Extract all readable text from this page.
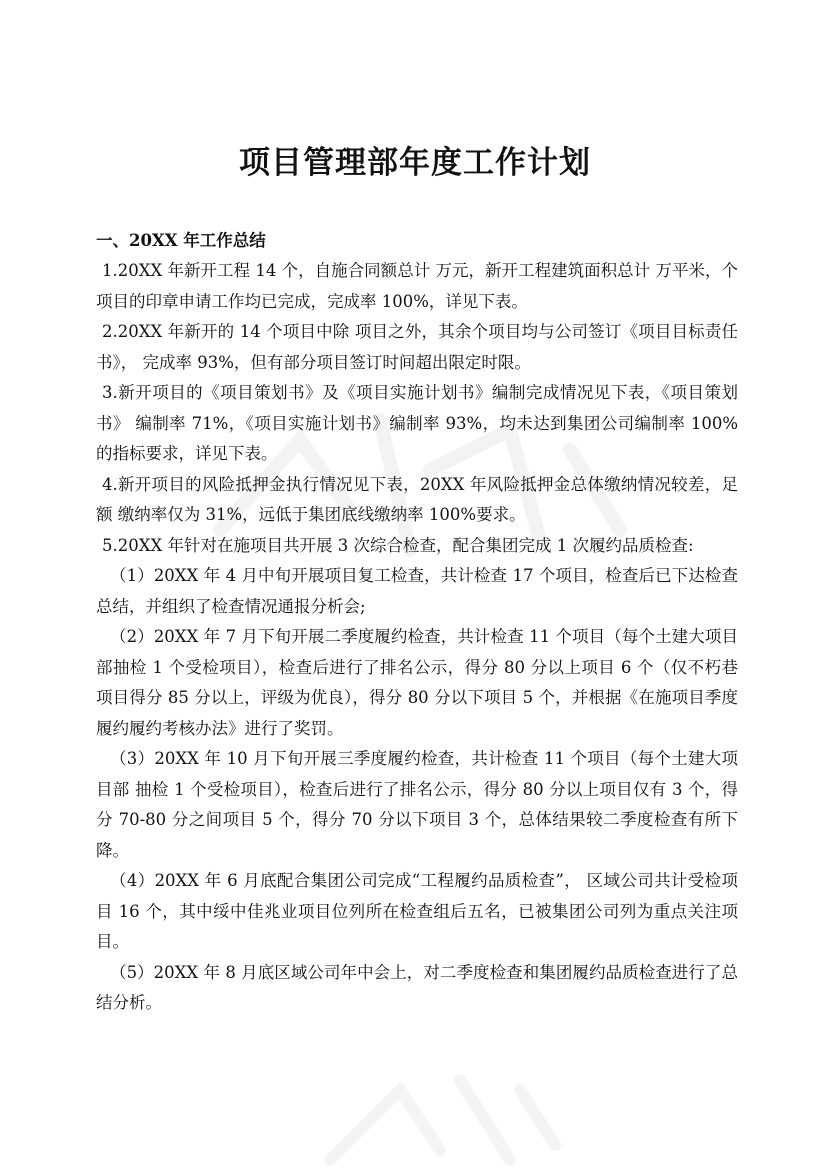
项目管理部年度工作计划

一、20XX 年工作总结

1.20XX 年新开工程 14 个，自施合同额总计 万元，新开工程建筑面积总计 万平米，个 项目的印章申请工作均已完成，完成率 100%，详见下表。

2.20XX 年新开的 14 个项目中除 项目之外，其余个项目均与公司签订《项目目标责任书》， 完成率 93%，但有部分项目签订时间超出限定时限。

3.新开项目的《项目策划书》及《项目实施计划书》编制完成情况见下表，《项目策划书》 编制率 71%，《项目实施计划书》编制率 93%，均未达到集团公司编制率 100%的指标要求，详见下表。

4.新开项目的风险抵押金执行情况见下表，20XX 年风险抵押金总体缴纳情况较差，足额 缴纳率仅为 31%，远低于集团底线缴纳率 100%要求。

5.20XX 年针对在施项目共开展 3 次综合检查，配合集团完成 1 次履约品质检查:

（1）20XX 年 4 月中旬开展项目复工检查，共计检查 17 个项目，检查后已下达检查总结，并组织了检查情况通报分析会;

（2）20XX 年 7 月下旬开展二季度履约检查，共计检查 11 个项目（每个土建大项目部抽检 1 个受检项目），检查后进行了排名公示，得分 80 分以上项目 6 个（仅不朽巷项目得分 85 分以上，评级为优良），得分 80 分以下项目 5 个，并根据《在施项目季度履约履约考核办法》进行了奖罚。

（3）20XX 年 10 月下旬开展三季度履约检查，共计检查 11 个项目（每个土建大项目部 抽检 1 个受检项目），检查后进行了排名公示，得分 80 分以上项目仅有 3 个，得分 70-80 分之间项目 5 个，得分 70 分以下项目 3 个，总体结果较二季度检查有所下降。

（4）20XX 年 6 月底配合集团公司完成“工程履约品质检查”， 区域公司共计受检项目 16 个，其中绥中佳兆业项目位列所在检查组后五名，已被集团公司列为重点关注项目。

（5）20XX 年 8 月底区域公司年中会上，对二季度检查和集团履约品质检查进行了总结分析。
